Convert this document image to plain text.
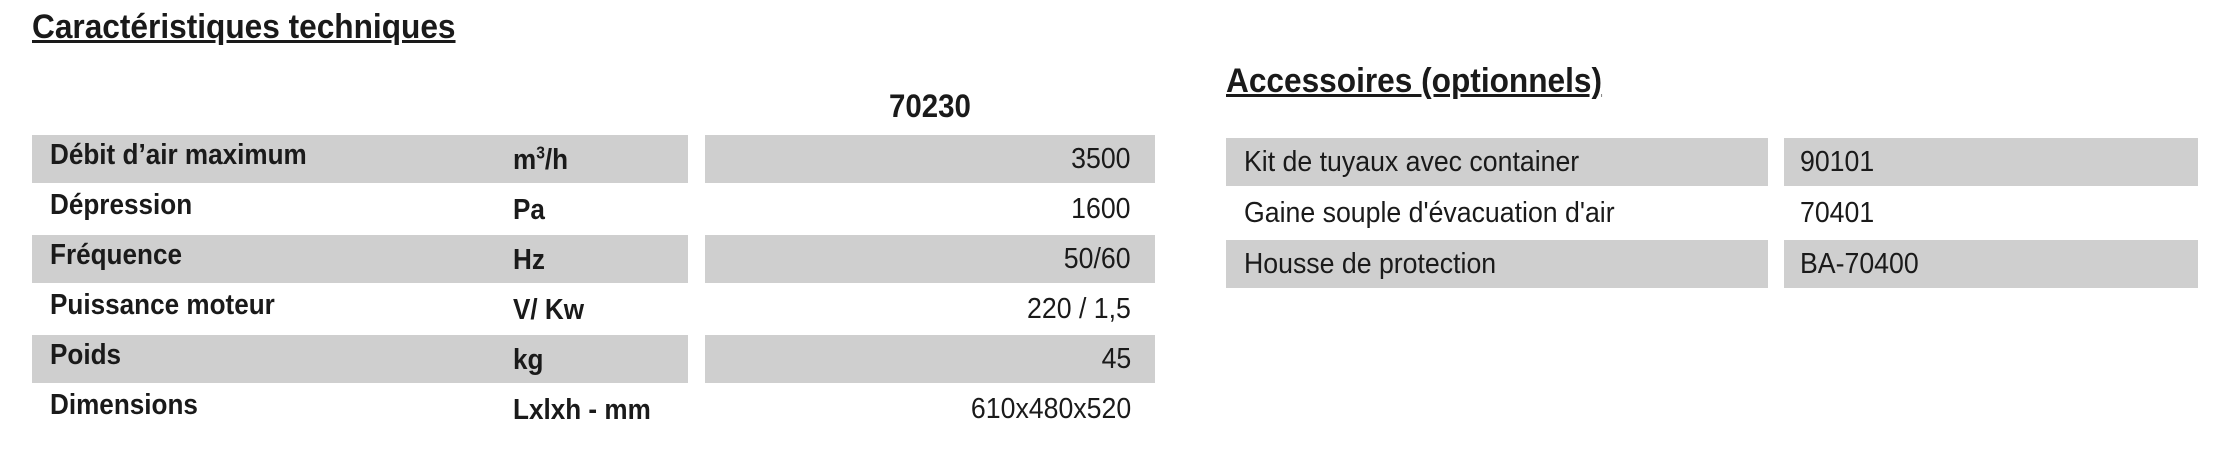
Caractéristiques techniques
70230
Débit d’air maximum	$m^3/h$	3500
Dépression	Pa	1600
Fréquence	Hz	50/60
Puissance moteur	V/ Kw	220 / 1,5
Poids	kg	45
Dimensions	Lxlxh - mm	610x480x520
Accessoires (optionnels)
Kit de tuyaux avec container	90101
Gaine souple d'évacuation d'air	70401
Housse de protection	BA-70400
